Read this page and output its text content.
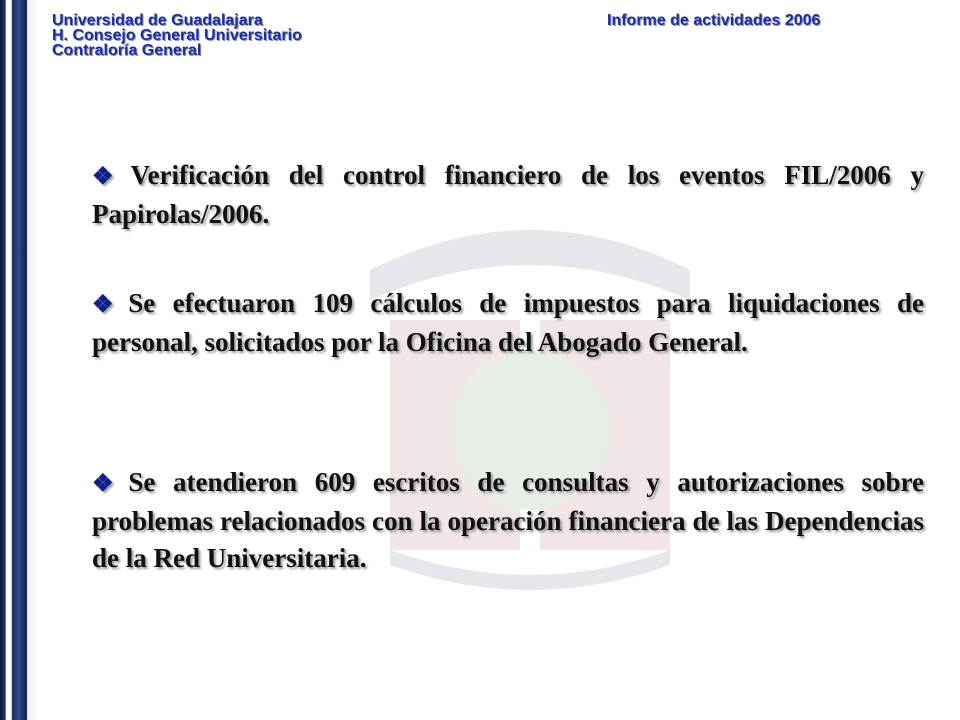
Universidad de Guadalajara
H. Consejo General Universitario
Contraloría General
Informe de actividades 2006

❖ Verificación del control financiero de los eventos FIL/2006 y Papirolas/2006.

❖ Se efectuaron 109 cálculos de impuestos para liquidaciones de personal, solicitados por la Oficina del Abogado General.

❖ Se atendieron 609 escritos de consultas y autorizaciones sobre problemas relacionados con la operación financiera de las Dependencias de la Red Universitaria.
